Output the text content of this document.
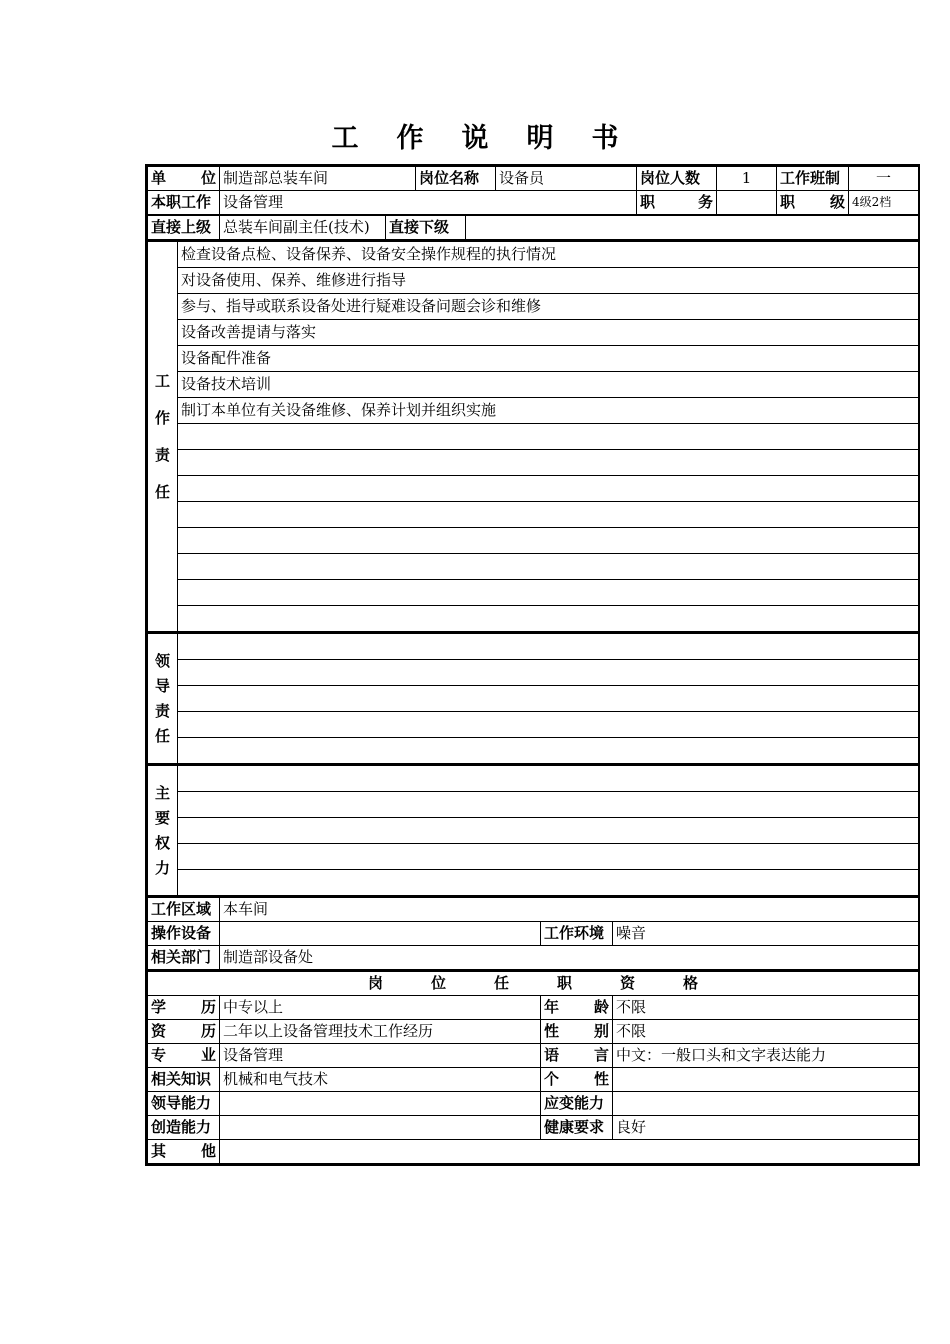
工 作 说 明 书
单 位	制造部总装车间	岗位名称	设备员	岗位人数	1	工作班制	一
本职工作	设备管理			职 务		职 级	4级2档
直接上级	总装车间副主任(技术)	直接下级	
工
作
责
任
	检查设备点检、设备保养、设备安全操作规程的执行情况
对设备使用、保养、维修进行指导
参与、指导或联系设备处进行疑难设备问题会诊和维修
设备改善提请与落实
设备配件准备
设备技术培训
制订本单位有关设备维修、保养计划并组织实施

领
导
责
任

主
要
权
力

工作区域	本车间		
操作设备		工作环境	噪音
相关部门	制造部设备处		
岗 位 任 职 资 格			

学 历	中专以上	年 龄	不限

资 历	二年以上设备管理技术工作经历	性 别	不限

专 业	设备管理	语 言	中文：一般口头和文字表达能力

相关知识	机械和电气技术	个 性	

领导能力		应变能力	

创造能力		健康要求	良好

其 他			
